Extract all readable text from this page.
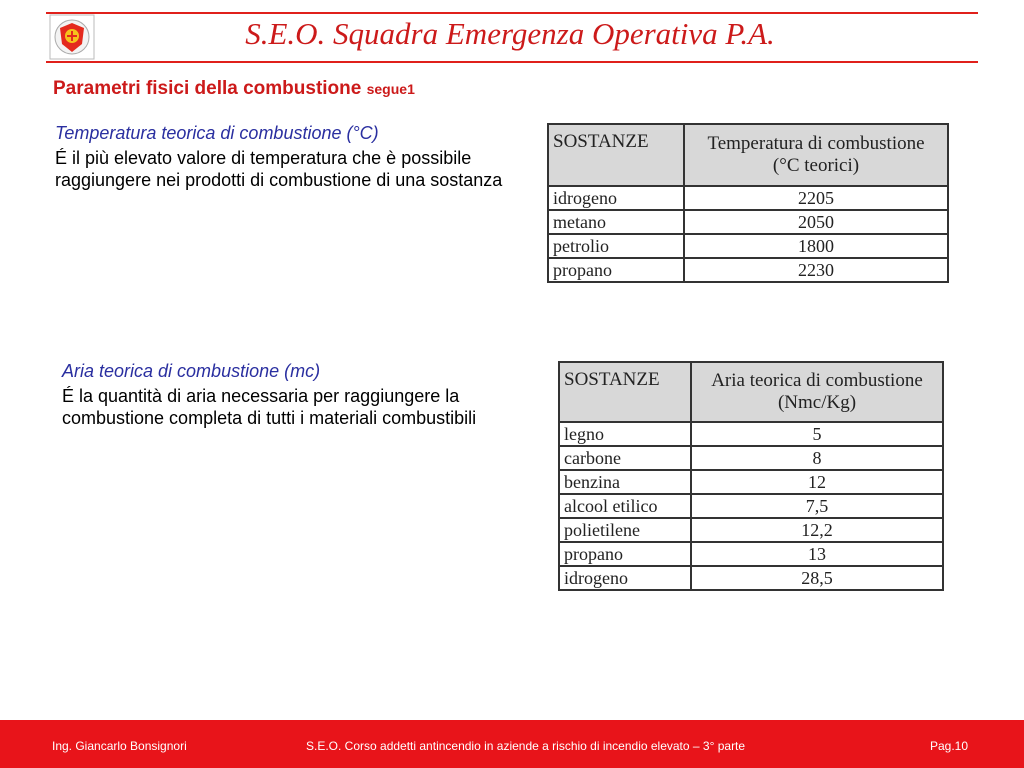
S.E.O. Squadra Emergenza Operativa P.A.
Parametri fisici della combustione segue1
Temperatura teorica di combustione (°C)
É il più elevato valore di temperatura che è possibile raggiungere nei prodotti di combustione di una sostanza
SOSTANZE	Temperatura di combustione
(°C teorici)
idrogeno	2205
metano	2050
petrolio	1800
propano	2230
Aria teorica di combustione (mc)
É la quantità di aria necessaria per raggiungere la combustione completa di tutti i materiali combustibili
SOSTANZE	Aria teorica di combustione
(Nmc/Kg)
legno	5
carbone	8
benzina	12
alcool etilico	7,5
polietilene	12,2
propano	13
idrogeno	28,5
Ing. Giancarlo Bonsignori	S.E.O. Corso addetti antincendio in aziende a rischio di incendio elevato – 3° parte	Pag.10
